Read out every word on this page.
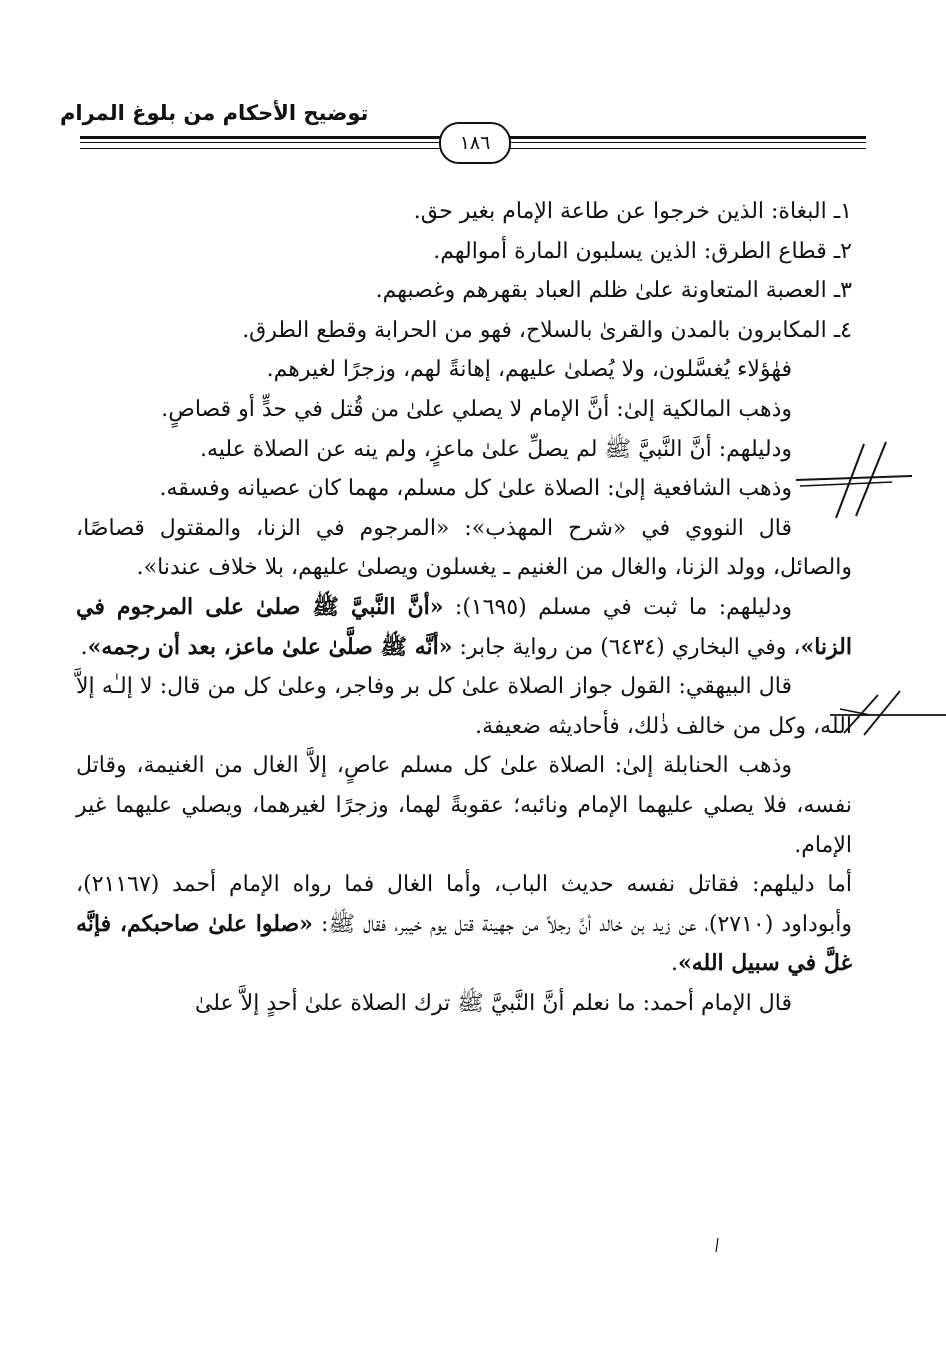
توضيح الأحكام من بلوغ المرام
١٨٦

١ـ البغاة: الذين خرجوا عن طاعة الإمام بغير حق.

٢ـ قطاع الطرق: الذين يسلبون المارة أموالهم.

٣ـ العصبة المتعاونة علىٰ ظلم العباد بقهرهم وغصبهم.

٤ـ المكابرون بالمدن والقرىٰ بالسلاح، فهو من الحرابة وقطع الطرق.

فهٰؤلاء يُغسَّلون، ولا يُصلىٰ عليهم، إهانةً لهم، وزجرًا لغيرهم.

وذهب المالكية إلىٰ: أنَّ الإمام لا يصلي علىٰ من قُتل في حدٍّ أو قصاصٍ.

ودليلهم: أنَّ النَّبيَّ ﷺ لم يصلِّ علىٰ ماعزٍ، ولم ينه عن الصلاة عليه.

وذهب الشافعية إلىٰ: الصلاة علىٰ كل مسلم، مهما كان عصيانه وفسقه.

قال النووي في «شرح المهذب»: «المرجوم في الزنا، والمقتول قصاصًا، والصائل، وولد الزنا، والغال من الغنيم ـ يغسلون ويصلىٰ عليهم، بلا خلاف عندنا».

ودليلهم: ما ثبت في مسلم (١٦٩٥): «أنَّ النَّبيَّ ﷺ صلىٰ على المرجوم في الزنا»، وفي البخاري (٦٤٣٤) من رواية جابر: «أنَّه ﷺ صلَّىٰ علىٰ ماعز، بعد أن رجمه».

قال البيهقي: القول جواز الصلاة علىٰ كل بر وفاجر، وعلىٰ كل من قال: لا إلـٰه إلاَّ الله، وكل من خالف ذٰلك، فأحاديثه ضعيفة.

وذهب الحنابلة إلىٰ: الصلاة علىٰ كل مسلم عاصٍ، إلاَّ الغال من الغنيمة، وقاتل نفسه، فلا يصلي عليهما الإمام ونائبه؛ عقوبةً لهما، وزجرًا لغيرهما، ويصلي عليهما غير الإمام.

أما دليلهم: فقاتل نفسه حديث الباب، وأما الغال فما رواه الإمام أحمد (٢١١٦٧)، وأبوداود (٢٧١٠)، عن زيد بن خالد أنَّ رجلاً من جهينة قتل يوم خيبر، فقال ﷺ: «صلوا علىٰ صاحبكم، فإنَّه غلَّ في سبيل الله».

قال الإمام أحمد: ما نعلم أنَّ النَّبيَّ ﷺ ترك الصلاة علىٰ أحدٍ إلاَّ علىٰ
